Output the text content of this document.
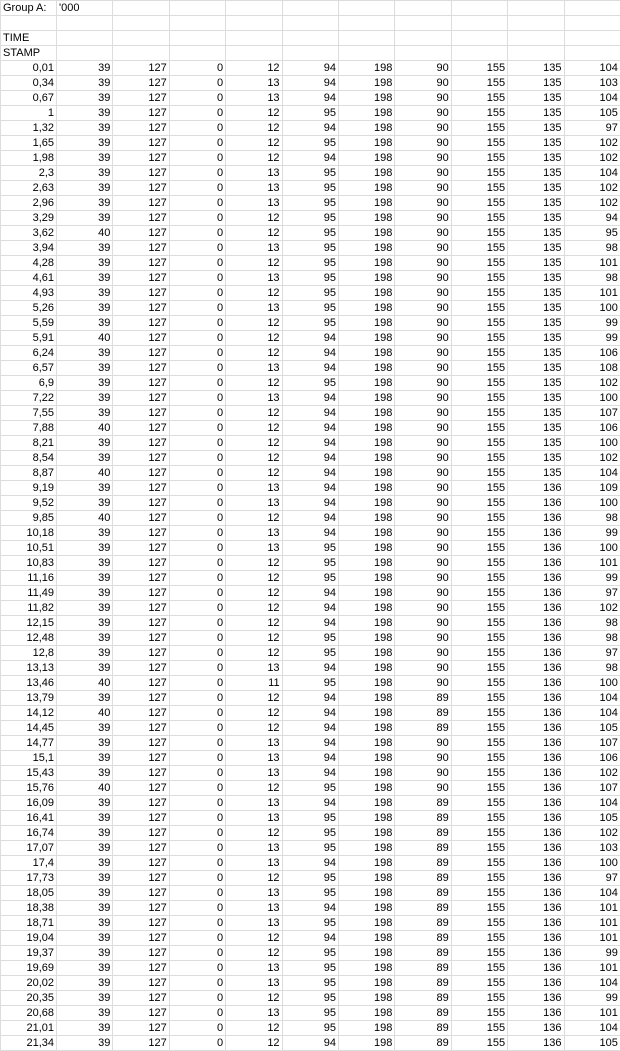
Group A:	'000									

TIME										
STAMP										
0,01	39	127	0	12	94	198	90	155	135	104
0,34	39	127	0	13	94	198	90	155	135	103
0,67	39	127	0	13	94	198	90	155	135	104
1	39	127	0	12	95	198	90	155	135	105
1,32	39	127	0	12	94	198	90	155	135	97
1,65	39	127	0	12	95	198	90	155	135	102
1,98	39	127	0	12	94	198	90	155	135	102
2,3	39	127	0	13	95	198	90	155	135	104
2,63	39	127	0	13	95	198	90	155	135	102
2,96	39	127	0	13	95	198	90	155	135	102
3,29	39	127	0	12	95	198	90	155	135	94
3,62	40	127	0	12	95	198	90	155	135	95
3,94	39	127	0	13	95	198	90	155	135	98
4,28	39	127	0	12	95	198	90	155	135	101
4,61	39	127	0	13	95	198	90	155	135	98
4,93	39	127	0	12	95	198	90	155	135	101
5,26	39	127	0	13	95	198	90	155	135	100
5,59	39	127	0	12	95	198	90	155	135	99
5,91	40	127	0	12	94	198	90	155	135	99
6,24	39	127	0	12	94	198	90	155	135	106
6,57	39	127	0	13	94	198	90	155	135	108
6,9	39	127	0	12	95	198	90	155	135	102
7,22	39	127	0	13	94	198	90	155	135	100
7,55	39	127	0	12	94	198	90	155	135	107
7,88	40	127	0	12	94	198	90	155	135	106
8,21	39	127	0	12	94	198	90	155	135	100
8,54	39	127	0	12	94	198	90	155	135	102
8,87	40	127	0	12	94	198	90	155	135	104
9,19	39	127	0	13	94	198	90	155	136	109
9,52	39	127	0	13	94	198	90	155	136	100
9,85	40	127	0	12	94	198	90	155	136	98
10,18	39	127	0	13	94	198	90	155	136	99
10,51	39	127	0	13	95	198	90	155	136	100
10,83	39	127	0	12	95	198	90	155	136	101
11,16	39	127	0	12	95	198	90	155	136	99
11,49	39	127	0	12	94	198	90	155	136	97
11,82	39	127	0	12	94	198	90	155	136	102
12,15	39	127	0	12	94	198	90	155	136	98
12,48	39	127	0	12	95	198	90	155	136	98
12,8	39	127	0	12	95	198	90	155	136	97
13,13	39	127	0	13	94	198	90	155	136	98
13,46	40	127	0	11	95	198	90	155	136	100
13,79	39	127	0	12	94	198	89	155	136	104
14,12	40	127	0	12	94	198	89	155	136	104
14,45	39	127	0	12	94	198	89	155	136	105
14,77	39	127	0	13	94	198	90	155	136	107
15,1	39	127	0	13	94	198	90	155	136	106
15,43	39	127	0	13	94	198	90	155	136	102
15,76	40	127	0	12	95	198	90	155	136	107
16,09	39	127	0	13	94	198	89	155	136	104
16,41	39	127	0	13	95	198	89	155	136	105
16,74	39	127	0	12	95	198	89	155	136	102
17,07	39	127	0	13	95	198	89	155	136	103
17,4	39	127	0	13	94	198	89	155	136	100
17,73	39	127	0	12	95	198	89	155	136	97
18,05	39	127	0	13	95	198	89	155	136	104
18,38	39	127	0	13	94	198	89	155	136	101
18,71	39	127	0	13	95	198	89	155	136	101
19,04	39	127	0	12	94	198	89	155	136	101
19,37	39	127	0	12	95	198	89	155	136	99
19,69	39	127	0	13	95	198	89	155	136	101
20,02	39	127	0	13	95	198	89	155	136	104
20,35	39	127	0	12	95	198	89	155	136	99
20,68	39	127	0	13	95	198	89	155	136	101
21,01	39	127	0	12	95	198	89	155	136	104
21,34	39	127	0	12	94	198	89	155	136	105
